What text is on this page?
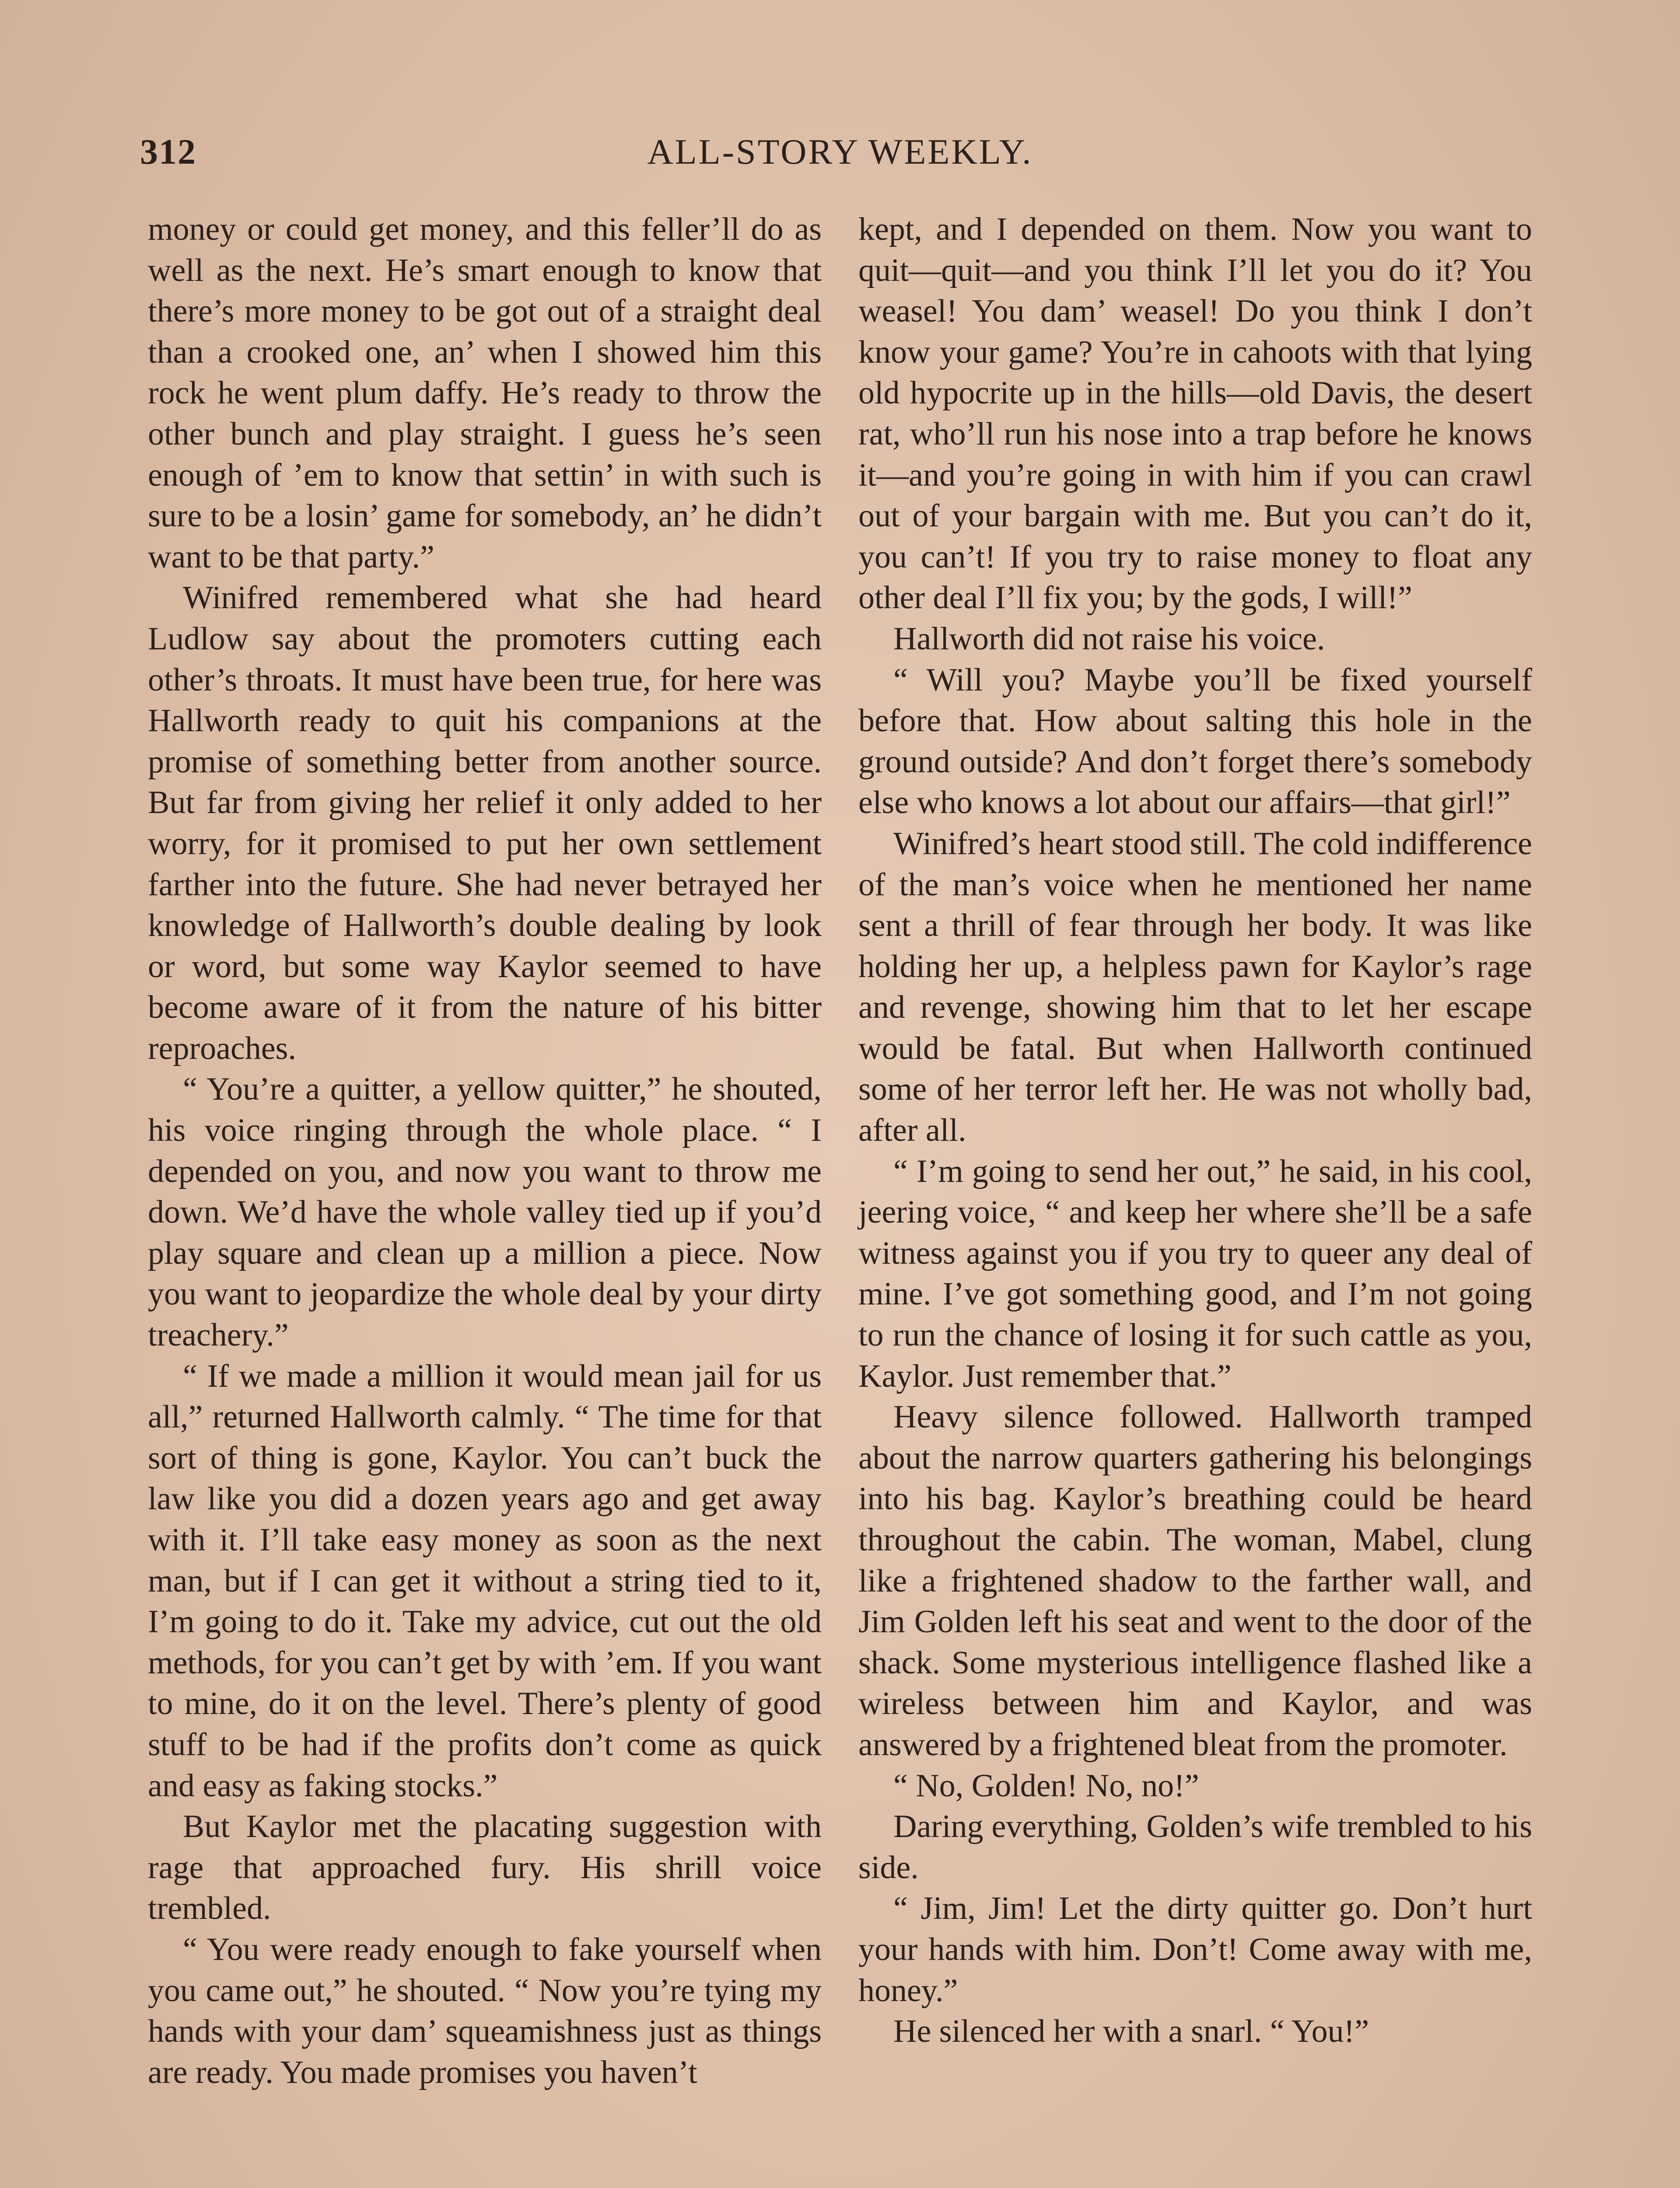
312	ALL-STORY WEEKLY.

money or could get money, and this feller’ll do as well as the next. He’s smart enough to know that there’s more money to be got out of a straight deal than a crooked one, an’ when I showed him this rock he went plum daffy. He’s ready to throw the other bunch and play straight. I guess he’s seen enough of ’em to know that settin’ in with such is sure to be a losin’ game for somebody, an’ he didn’t want to be that party.”

Winifred remembered what she had heard Ludlow say about the promoters cutting each other’s throats. It must have been true, for here was Hallworth ready to quit his companions at the promise of something better from another source. But far from giving her relief it only added to her worry, for it promised to put her own settlement farther into the future. She had never betrayed her knowledge of Hallworth’s double dealing by look or word, but some way Kaylor seemed to have become aware of it from the nature of his bitter reproaches.

“ You’re a quitter, a yellow quitter,” he shouted, his voice ringing through the whole place. “ I depended on you, and now you want to throw me down. We’d have the whole valley tied up if you’d play square and clean up a million a piece. Now you want to jeopardize the whole deal by your dirty treachery.”

“ If we made a million it would mean jail for us all,” returned Hallworth calmly. “ The time for that sort of thing is gone, Kaylor. You can’t buck the law like you did a dozen years ago and get away with it. I’ll take easy money as soon as the next man, but if I can get it without a string tied to it, I’m going to do it. Take my advice, cut out the old methods, for you can’t get by with ’em. If you want to mine, do it on the level. There’s plenty of good stuff to be had if the profits don’t come as quick and easy as faking stocks.”

But Kaylor met the placating suggestion with rage that approached fury. His shrill voice trembled.

“ You were ready enough to fake yourself when you came out,” he shouted. “ Now you’re tying my hands with your dam’ squeamishness just as things are ready. You made promises you haven’t

kept, and I depended on them. Now you want to quit—quit—and you think I’ll let you do it? You weasel! You dam’ weasel! Do you think I don’t know your game? You’re in cahoots with that lying old hypocrite up in the hills—old Davis, the desert rat, who’ll run his nose into a trap before he knows it—and you’re going in with him if you can crawl out of your bargain with me. But you can’t do it, you can’t! If you try to raise money to float any other deal I’ll fix you; by the gods, I will!”

Hallworth did not raise his voice.

“ Will you? Maybe you’ll be fixed yourself before that. How about salting this hole in the ground outside? And don’t forget there’s somebody else who knows a lot about our affairs—that girl!”

Winifred’s heart stood still. The cold indifference of the man’s voice when he mentioned her name sent a thrill of fear through her body. It was like holding her up, a helpless pawn for Kaylor’s rage and revenge, showing him that to let her escape would be fatal. But when Hallworth continued some of her terror left her. He was not wholly bad, after all.

“ I’m going to send her out,” he said, in his cool, jeering voice, “ and keep her where she’ll be a safe witness against you if you try to queer any deal of mine. I’ve got something good, and I’m not going to run the chance of losing it for such cattle as you, Kaylor. Just remember that.”

Heavy silence followed. Hallworth tramped about the narrow quarters gathering his belongings into his bag. Kaylor’s breathing could be heard throughout the cabin. The woman, Mabel, clung like a frightened shadow to the farther wall, and Jim Golden left his seat and went to the door of the shack. Some mysterious intelligence flashed like a wireless between him and Kaylor, and was answered by a frightened bleat from the promoter.

“ No, Golden! No, no!”

Daring everything, Golden’s wife trembled to his side.

“ Jim, Jim! Let the dirty quitter go. Don’t hurt your hands with him. Don’t! Come away with me, honey.”

He silenced her with a snarl. “ You!”
